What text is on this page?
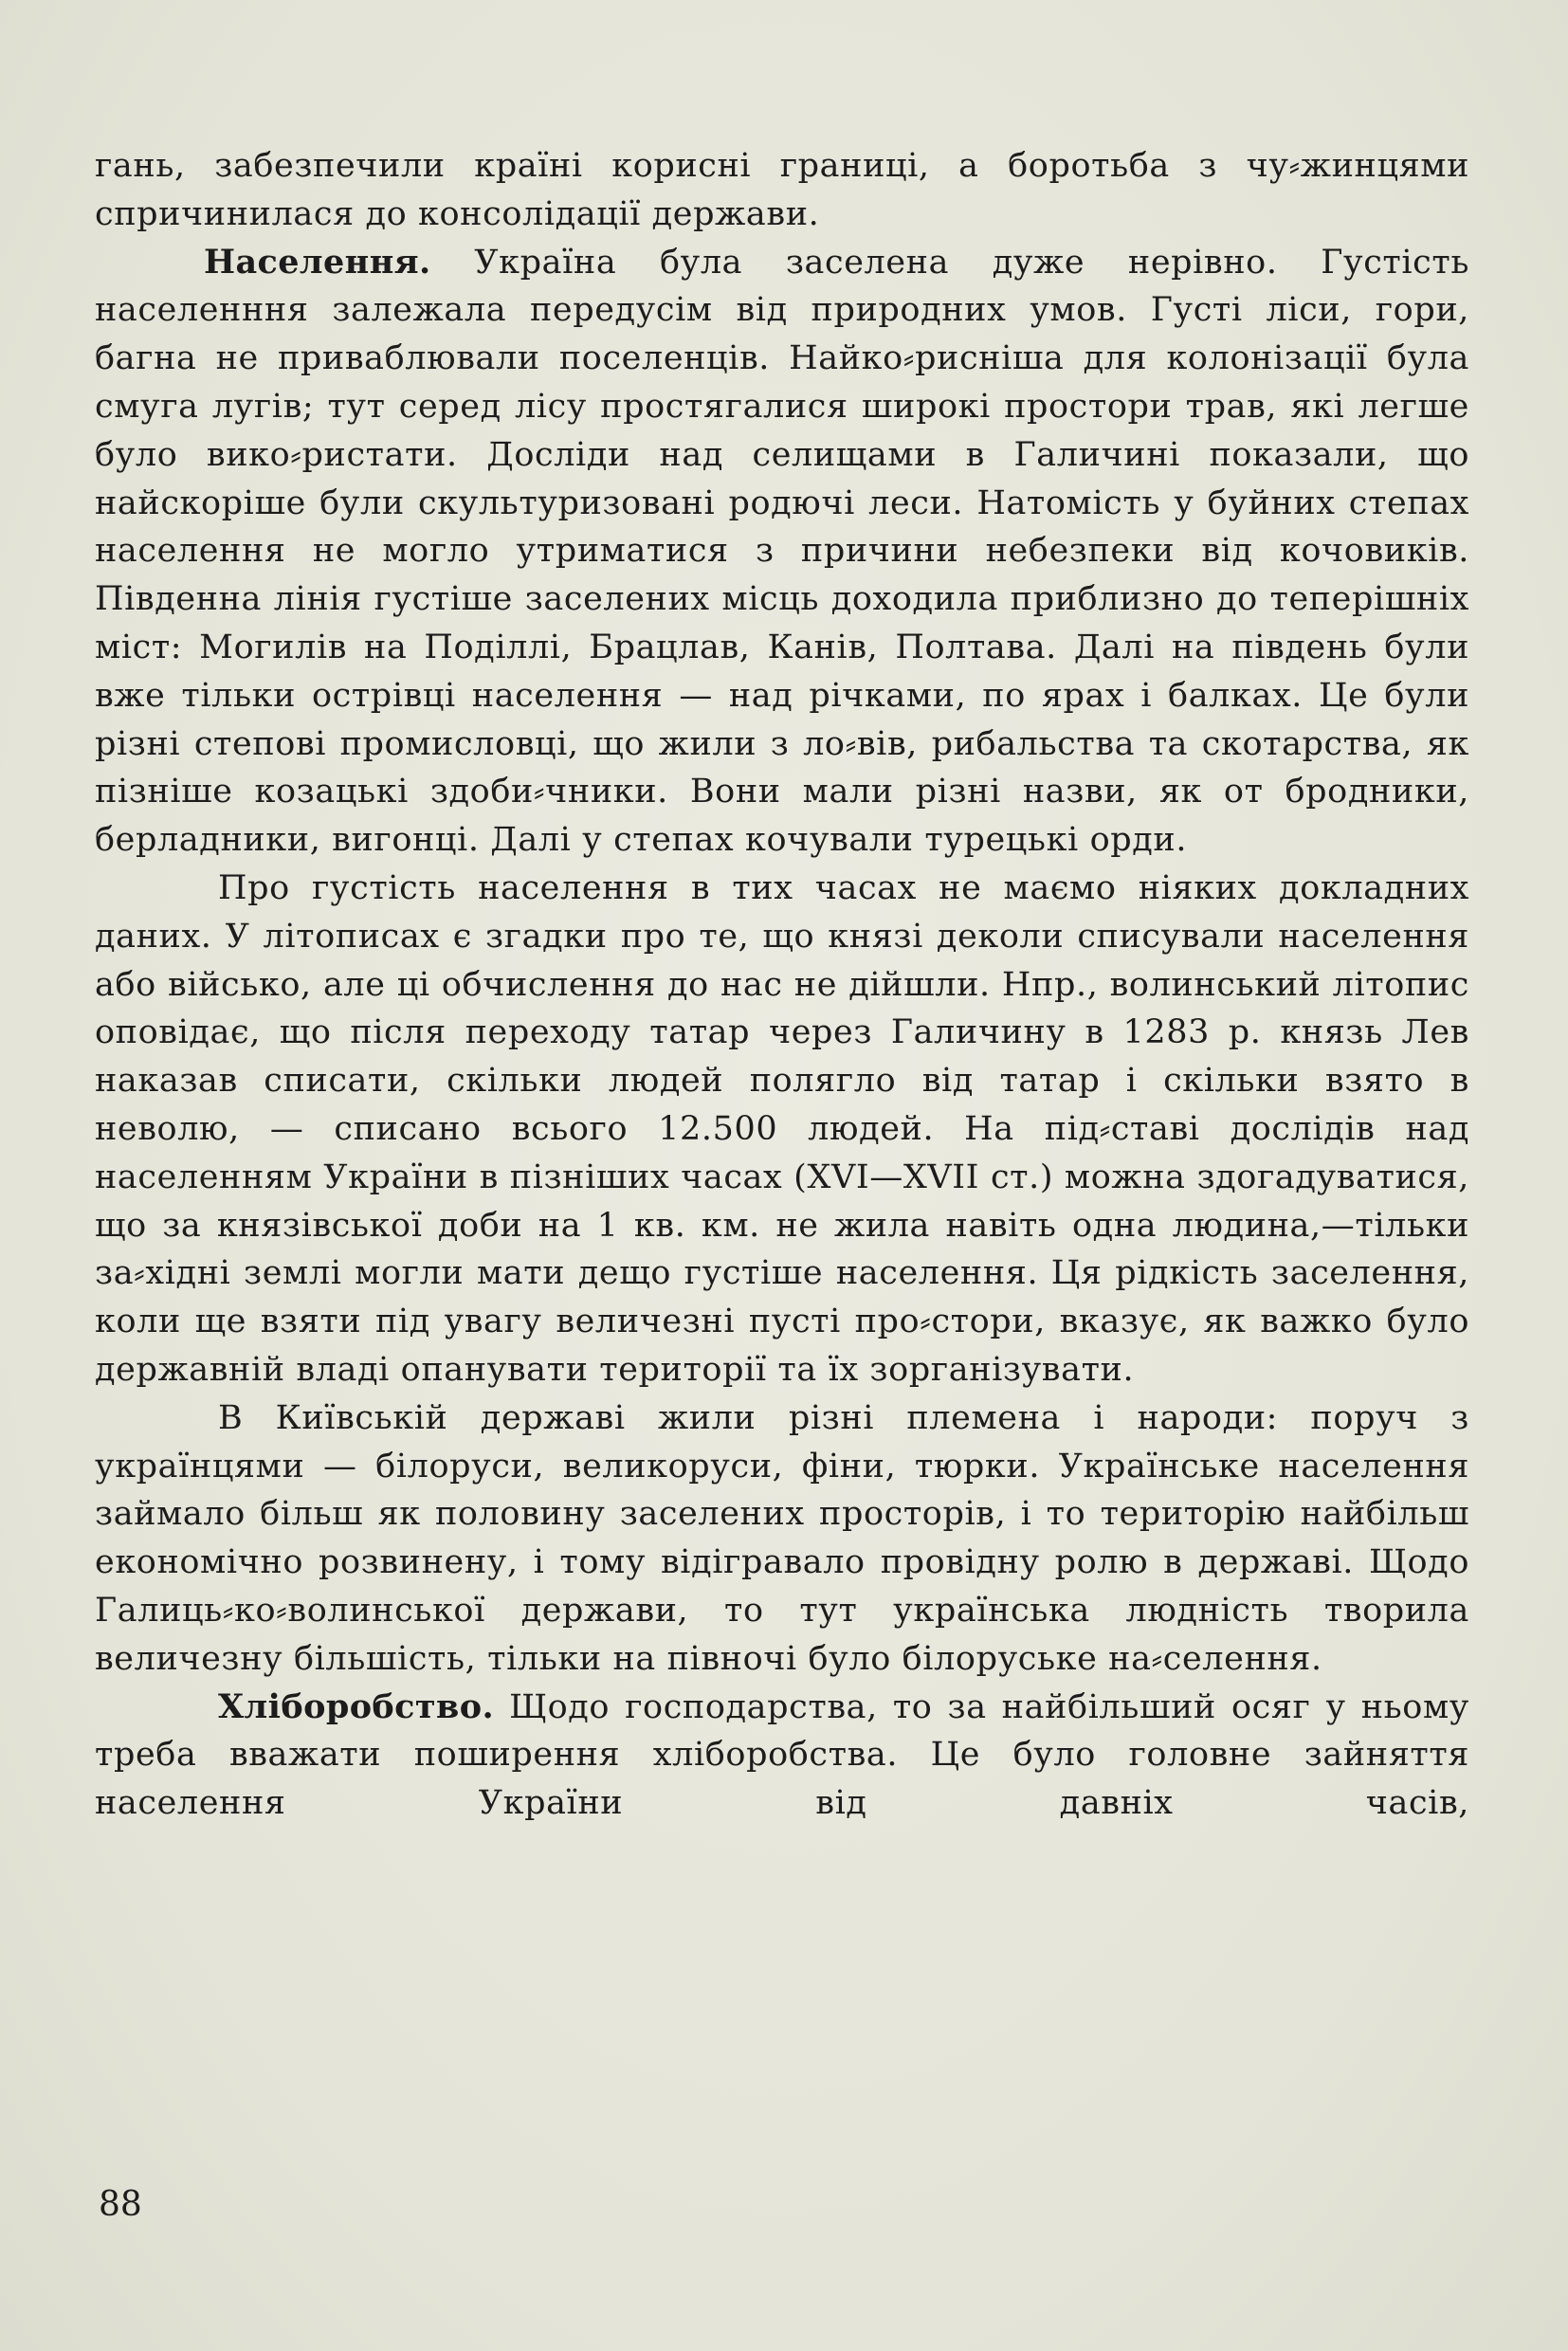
гань, забезпечили країні корисні границі, а боротьба з чу⸗жинцями спричинилася до консолідації держави.

Населення. Україна була заселена дуже нерівно. Густість населенння залежала передусім від природних умов. Густі ліси, гори, багна не приваблювали поселенців. Найко⸗рисніша для колонізації була смуга лугів; тут серед лісу простягалися широкі простори трав, які легше було вико⸗ристати. Досліди над селищами в Галичині показали, що найскоріше були скультуризовані родючі леси. Натомість у буйних степах населення не могло утриматися з причини небезпеки від кочовиків. Південна лінія густіше заселених місць доходила приблизно до теперішніх міст: Могилів на Поділлі, Брацлав, Канів, Полтава. Далі на південь були вже тільки острівці населення — над річками, по ярах і балках. Це були різні степові промисловці, що жили з ло⸗вів, рибальства та скотарства, як пізніше козацькі здоби⸗чники. Вони мали різні назви, як от бродники, берладники, вигонці. Далі у степах кочували турецькі орди.

Про густість населення в тих часах не маємо ніяких докладних даних. У літописах є згадки про те, що князі деколи списували населення або військо, але ці обчислення до нас не дійшли. Нпр., волинський літопис оповідає, що після переходу татар через Галичину в 1283 р. князь Лев наказав списати, скільки людей полягло від татар і скільки взято в неволю, — списано всього 12.500 людей. На під⸗ставі дослідів над населенням України в пізніших часах (XVI—XVII ст.) можна здогадуватися, що за князівської доби на 1 кв. км. не жила навіть одна людина,—тільки за⸗хідні землі могли мати дещо густіше населення. Ця рідкість заселення, коли ще взяти під увагу величезні пусті про⸗стори, вказує, як важко було державній владі опанувати території та їх зорганізувати.

В Київській державі жили різні племена і народи: поруч з українцями — білоруси, великоруси, фіни, тюрки. Українське населення займало більш як половину заселених просторів, і то територію найбільш економічно розвинену, і тому відігравало провідну ролю в державі. Щодо Галиць⸗ко⸗волинської держави, то тут українська людність творила величезну більшість, тільки на півночі було білоруське на⸗селення.

Хліборобство. Щодо господарства, то за найбільший осяг у ньому треба вважати поширення хліборобства. Це було головне зайняття населення України від давніх часів,

88
